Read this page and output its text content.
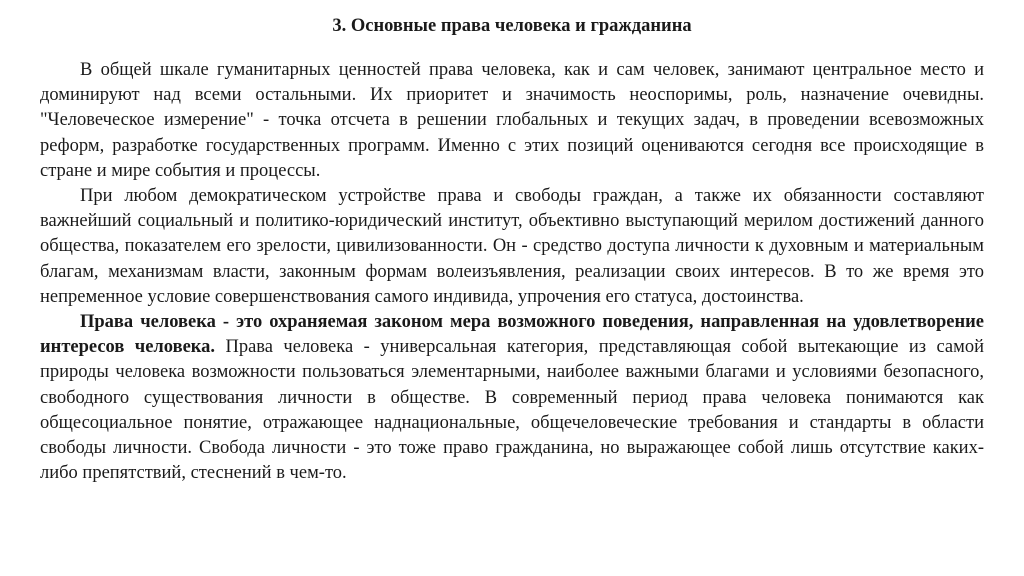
3. Основные права человека и гражданина

В общей шкале гуманитарных ценностей права человека, как и сам человек, занимают центральное место и доминируют над всеми остальными. Их приоритет и значимость неоспоримы, роль, назначение очевидны. "Человеческое измерение" - точка отсчета в решении глобальных и текущих задач, в проведении всевозможных реформ, разработке государственных программ. Именно с этих позиций оцениваются сегодня все происходящие в стране и мире события и процессы.

При любом демократическом устройстве права и свободы граждан, а также их обязанности составляют важнейший социальный и политико-юридический институт, объективно выступающий мерилом достижений данного общества, показателем его зрелости, цивилизованности. Он - средство доступа личности к духовным и материальным благам, механизмам власти, законным формам волеизъявления, реализации своих интересов. В то же время это непременное условие совершенствования самого индивида, упрочения его статуса, достоинства.

Права человека - это охраняемая законом мера возможного поведения, направленная на удовлетворение интересов человека. Права человека - универсальная категория, представляющая собой вытекающие из самой природы человека возможности пользоваться элементарными, наиболее важными благами и условиями безопасного, свободного существования личности в обществе. В современный период права человека понимаются как общесоциальное понятие, отражающее наднациональные, общечеловеческие требования и стандарты в области свободы личности. Свобода личности - это тоже право гражданина, но выражающее собой лишь отсутствие каких-либо препятствий, стеснений в чем-то.
